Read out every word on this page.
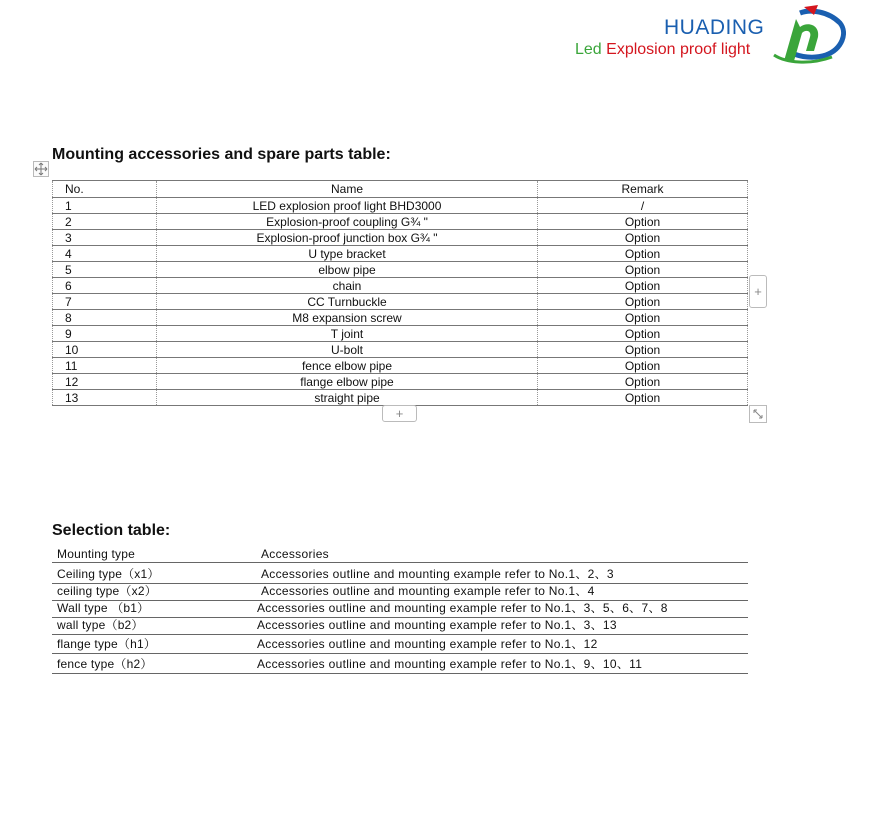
HUADING
Led Explosion proof light
Mounting accessories and spare parts table:
No.	Name	Remark
1	LED explosion proof light BHD3000	/
2	Explosion-proof coupling G¾ "	Option
3	Explosion-proof junction box G¾ "	Option
4	U type bracket	Option
5	elbow pipe	Option
6	chain	Option
7	CC Turnbuckle	Option
8	M8 expansion screw	Option
9	T joint	Option
10	U-bolt	Option
11	fence elbow pipe	Option
12	flange elbow pipe	Option
13	straight pipe	Option
+
+
Selection table:
Mounting type	Accessories
Ceiling type（x1）	Accessories outline and mounting example refer to No.1、2、3
ceiling type（x2）	Accessories outline and mounting example refer to No.1、4
Wall type （b1）	Accessories outline and mounting example refer to No.1、3、5、6、7、8
wall type（b2）	Accessories outline and mounting example refer to No.1、3、13
flange type（h1）	Accessories outline and mounting example refer to No.1、12
fence type（h2）	Accessories outline and mounting example refer to No.1、9、10、11
